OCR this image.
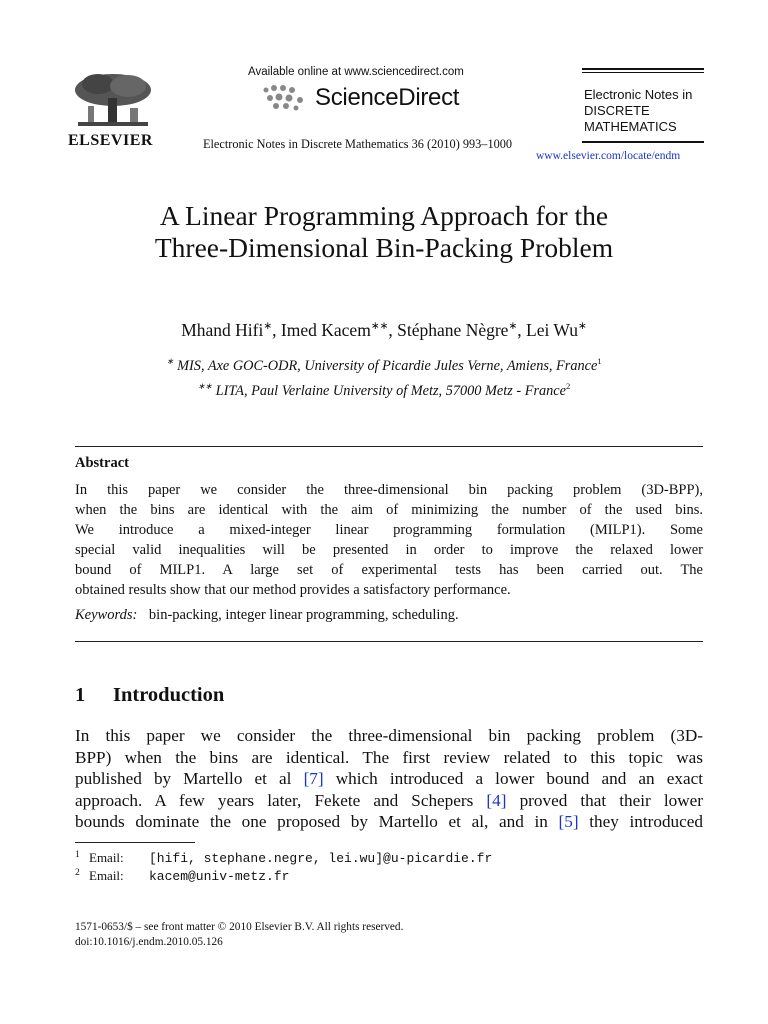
ELSEVIER
Available online at www.sciencedirect.com
ScienceDirect
Electronic Notes in Discrete Mathematics 36 (2010) 993–1000
Electronic Notes in
DISCRETE
MATHEMATICS
www.elsevier.com/locate/endm
A Linear Programming Approach for the
Three-Dimensional Bin-Packing Problem
Mhand Hifi∗, Imed Kacem∗∗, Stéphane Nègre∗, Lei Wu∗
∗ MIS, Axe GOC-ODR, University of Picardie Jules Verne, Amiens, France$^1$
∗∗ LITA, Paul Verlaine University of Metz, 57000 Metz - France$^2$
Abstract
In this paper we consider the three-dimensional bin packing problem (3D-BPP),
when the bins are identical with the aim of minimizing the number of the used bins.
We introduce a mixed-integer linear programming formulation (MILP1). Some
special valid inequalities will be presented in order to improve the relaxed lower
bound of MILP1. A large set of experimental tests has been carried out. The
obtained results show that our method provides a satisfactory performance.
Keywords: bin-packing, integer linear programming, scheduling.
1 Introduction
In this paper we consider the three-dimensional bin packing problem (3D-
BPP) when the bins are identical. The first review related to this topic was
published by Martello et al [7] which introduced a lower bound and an exact
approach. A few years later, Fekete and Schepers [4] proved that their lower
bounds dominate the one proposed by Martello et al, and in [5] they introduced
1 Email: [hifi, stephane.negre, lei.wu]@u-picardie.fr
2 Email: kacem@univ-metz.fr
1571-0653/$ – see front matter © 2010 Elsevier B.V. All rights reserved.
doi:10.1016/j.endm.2010.05.126
